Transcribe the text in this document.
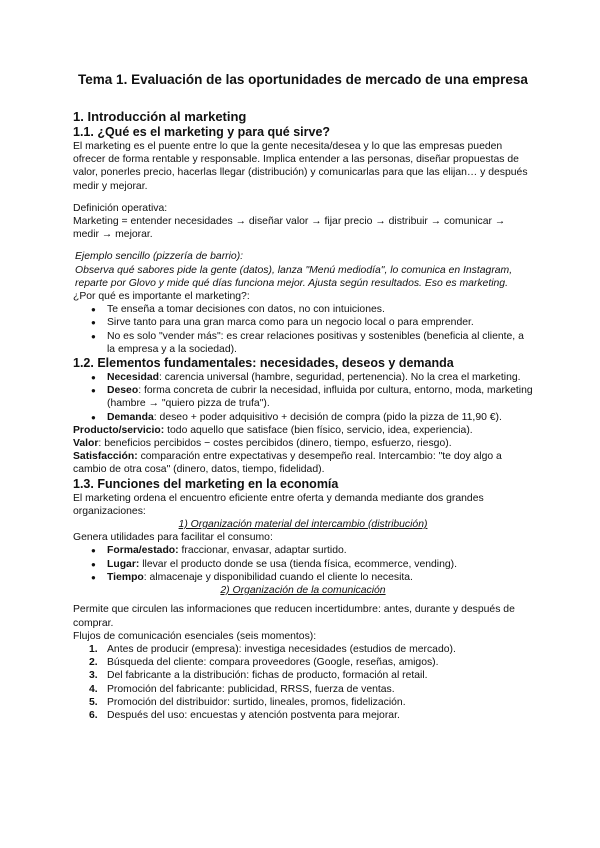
Tema 1. Evaluación de las oportunidades de mercado de una empresa
1. Introducción al marketing
1.1. ¿Qué es el marketing y para qué sirve?

El marketing es el puente entre lo que la gente necesita/desea y lo que las empresas pueden ofrecer de forma rentable y responsable. Implica entender a las personas, diseñar propuestas de valor, ponerles precio, hacerlas llegar (distribución) y comunicarlas para que las elijan… y después medir y mejorar.

Definición operativa:

Marketing = entender necesidades → diseñar valor → fijar precio → distribuir → comunicar → medir → mejorar.

Ejemplo sencillo (pizzería de barrio):

Observa qué sabores pide la gente (datos), lanza "Menú mediodía", lo comunica en Instagram, reparte por Glovo y mide qué días funciona mejor. Ajusta según resultados. Eso es marketing.

¿Por qué es importante el marketing?:

● Te enseña a tomar decisiones con datos, no con intuiciones.
● Sirve tanto para una gran marca como para un negocio local o para emprender.
● No es solo "vender más": es crear relaciones positivas y sostenibles (beneficia al cliente, a la empresa y a la sociedad).
1.2. Elementos fundamentales: necesidades, deseos y demanda
● Necesidad: carencia universal (hambre, seguridad, pertenencia). No la crea el marketing.
● Deseo: forma concreta de cubrir la necesidad, influida por cultura, entorno, moda, marketing (hambre → "quiero pizza de trufa").
● Demanda: deseo + poder adquisitivo + decisión de compra (pido la pizza de 11,90 €).

Producto/servicio: todo aquello que satisface (bien físico, servicio, idea, experiencia).

Valor: beneficios percibidos − costes percibidos (dinero, tiempo, esfuerzo, riesgo).

Satisfacción: comparación entre expectativas y desempeño real. Intercambio: "te doy algo a cambio de otra cosa" (dinero, datos, tiempo, fidelidad).

1.3. Funciones del marketing en la economía

El marketing ordena el encuentro eficiente entre oferta y demanda mediante dos grandes organizaciones:

1) Organización material del intercambio (distribución)

Genera utilidades para facilitar el consumo:

● Forma/estado: fraccionar, envasar, adaptar surtido.
● Lugar: llevar el producto donde se usa (tienda física, ecommerce, vending).
● Tiempo: almacenaje y disponibilidad cuando el cliente lo necesita.

2) Organización de la comunicación

Permite que circulen las informaciones que reducen incertidumbre: antes, durante y después de comprar.

Flujos de comunicación esenciales (seis momentos):

1. Antes de producir (empresa): investiga necesidades (estudios de mercado).
2. Búsqueda del cliente: compara proveedores (Google, reseñas, amigos).
3. Del fabricante a la distribución: fichas de producto, formación al retail.
4. Promoción del fabricante: publicidad, RRSS, fuerza de ventas.
5. Promoción del distribuidor: surtido, lineales, promos, fidelización.
6. Después del uso: encuestas y atención postventa para mejorar.
